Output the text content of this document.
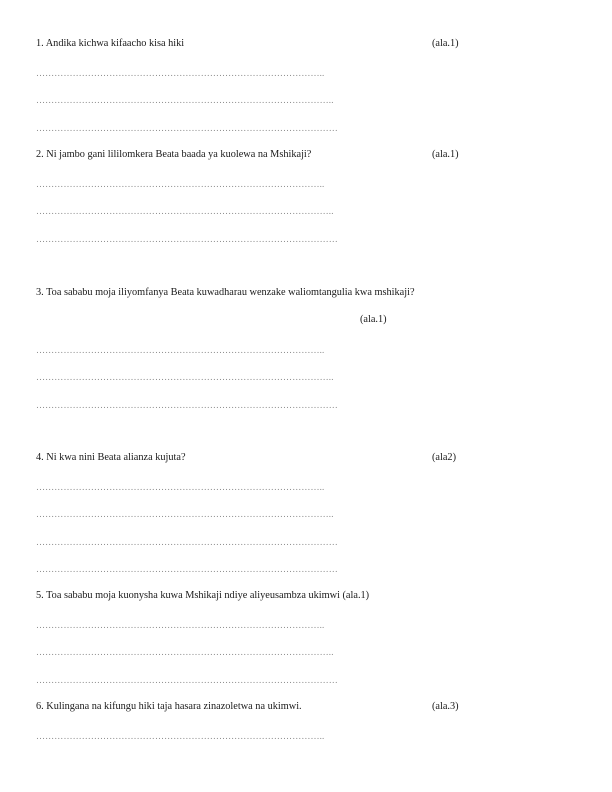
1. Andika kichwa kifaacho kisa hiki	(ala.1)
…………………………………………………………………………………..
……………………………………………………………………………………..
………………………………………………………………………………………
2. Ni jambo gani lililomkera Beata baada ya kuolewa na Mshikaji?	(ala.1)
…………………………………………………………………………………..
……………………………………………………………………………………..
………………………………………………………………………………………
3. Toa sababu moja iliyomfanya Beata kuwadharau wenzake waliomtangulia kwa mshikaji?
(ala.1)
…………………………………………………………………………………..
……………………………………………………………………………………..
………………………………………………………………………………………
4. Ni kwa nini Beata alianza kujuta?	(ala2)
…………………………………………………………………………………..
……………………………………………………………………………………..
………………………………………………………………………………………
………………………………………………………………………………………
5. Toa sababu moja kuonysha kuwa Mshikaji ndiye aliyeusambza ukimwi (ala.1)
…………………………………………………………………………………..
……………………………………………………………………………………..
………………………………………………………………………………………
6. Kulingana na kifungu hiki taja hasara zinazoletwa na ukimwi.	(ala.3)
…………………………………………………………………………………..
